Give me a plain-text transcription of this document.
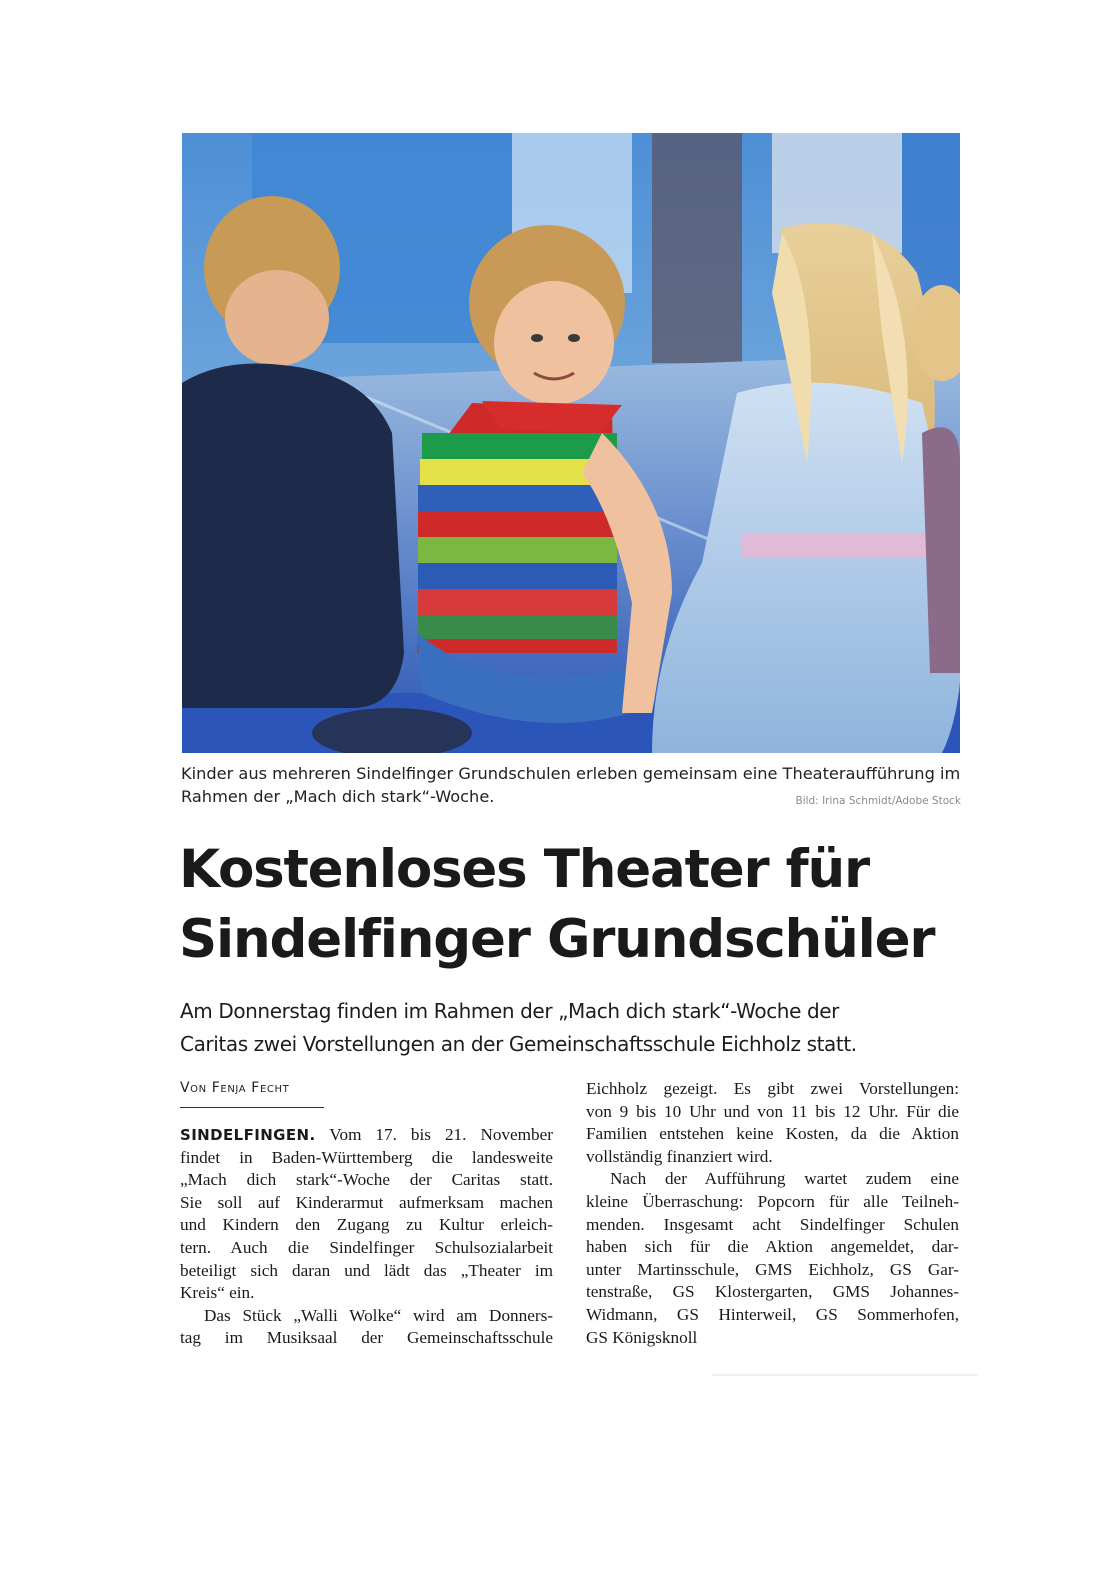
Kinder aus mehreren Sindelfinger Grundschulen erleben gemeinsam eine Theateraufführung im
Rahmen der „Mach dich stark“-Woche.	Bild: Irina Schmidt/Adobe Stock
Kostenloses Theater für
Sindelfinger Grundschüler
Am Donnerstag finden im Rahmen der „Mach dich stark“-Woche der
Caritas zwei Vorstellungen an der Gemeinschaftsschule Eichholz statt.
Von Fenja Fecht
SINDELFINGEN. Vom 17. bis 21. November
findet in Baden-Württemberg die landesweite
„Mach dich stark“-Woche der Caritas statt.
Sie soll auf Kinderarmut aufmerksam machen
und Kindern den Zugang zu Kultur erleich-
tern. Auch die Sindelfinger Schulsozialarbeit
beteiligt sich daran und lädt das „Theater im
Kreis“ ein.
Das Stück „Walli Wolke“ wird am Donners-
tag im Musiksaal der Gemeinschaftsschule
Eichholz gezeigt. Es gibt zwei Vorstellungen:
von 9 bis 10 Uhr und von 11 bis 12 Uhr. Für die
Familien entstehen keine Kosten, da die Aktion
vollständig finanziert wird.
Nach der Aufführung wartet zudem eine
kleine Überraschung: Popcorn für alle Teilneh-
menden. Insgesamt acht Sindelfinger Schulen
haben sich für die Aktion angemeldet, dar-
unter Martinsschule, GMS Eichholz, GS Gar-
tenstraße, GS Klostergarten, GMS Johannes-
Widmann, GS Hinterweil, GS Sommerhofen,
GS Königsknoll
